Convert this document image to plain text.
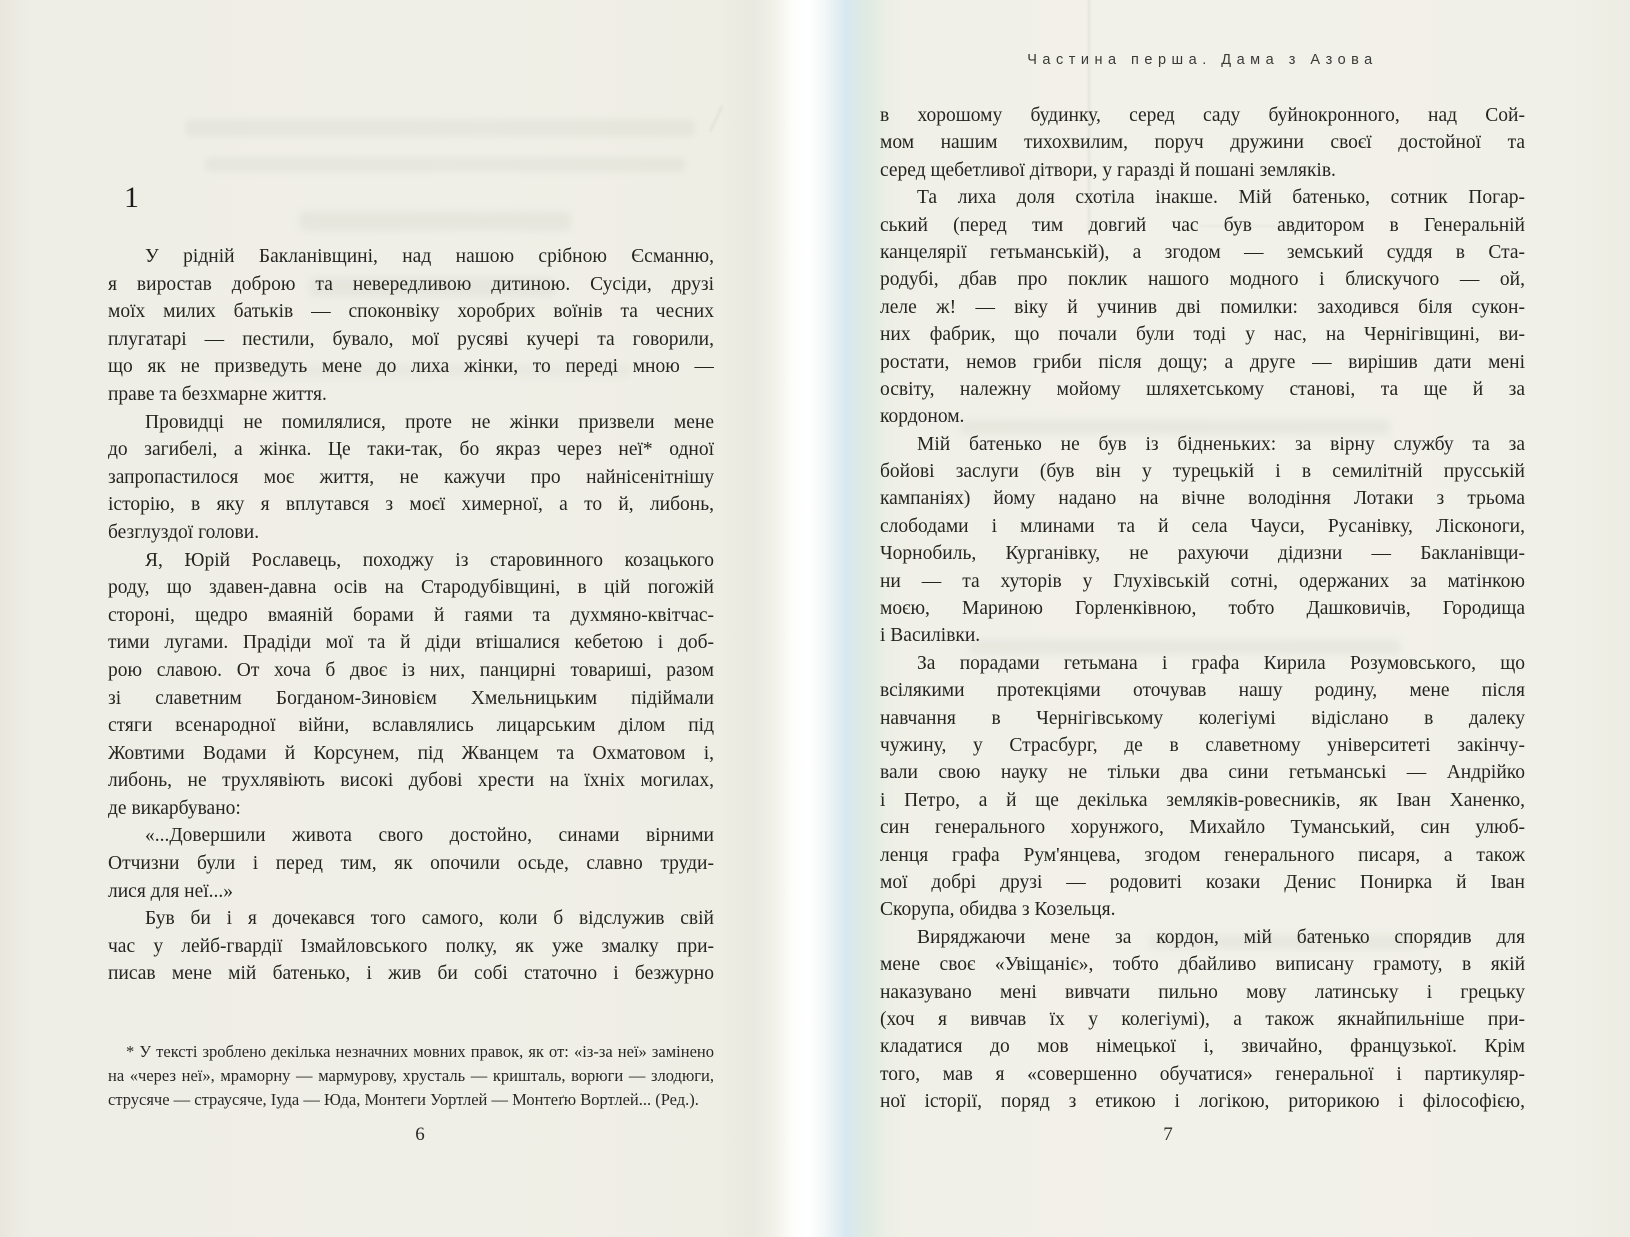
1
У рідній Бакланівщині, над нашою срібною Єсманню,
я виростав доброю та невередливою дитиною. Сусіди, друзі
моїх милих батьків — споконвіку хоробрих воїнів та чесних
плугатарі — пестили, бувало, мої русяві кучері та говорили,
що як не призведуть мене до лиха жінки, то переді мною —
праве та безхмарне життя.
Провидці не помилялися, проте не жінки призвели мене
до загибелі, а жінка. Це таки-так, бо якраз через неї* одної
запропастилося моє життя, не кажучи про найнісенітнішу
історію, в яку я вплутався з моєї химерної, а то й, либонь,
безглуздої голови.
Я, Юрій Рославець, походжу із старовинного козацького
роду, що здавен-давна осів на Стародубівщині, в цій погожій
стороні, щедро вмаяній борами й гаями та духмяно-квітчас-
тими лугами. Прадіди мої та й діди втішалися кебетою і доб-
рою славою. От хоча б двоє із них, панцирні товариші, разом
зі славетним Богданом-Зиновієм Хмельницьким підіймали
стяги всенародної війни, вславлялись лицарським ділом під
Жовтими Водами й Корсунем, під Жванцем та Охматовом і,
либонь, не трухлявіють високі дубові хрести на їхніх могилах,
де викарбувано:
«...Довершили живота свого достойно, синами вірними
Отчизни були і перед тим, як опочили осьде, славно труди-
лися для неї...»
Був би і я дочекався того самого, коли б відслужив свій
час у лейб-гвардії Ізмайловського полку, як уже змалку при-
писав мене мій батенько, і жив би собі статочно і безжурно
* У тексті зроблено декілька незначних мовних правок, як от: «із-за неї» замінено
на «через неї», мраморну — мармурову, хрусталь — кришталь, ворюги — злодюги,
струсяче — страусяче, Іуда — Юда, Монтеги Уортлей — Монтеґю Вортлей... (Ред.).
6
Частина перша. Дама з Азова
в хорошому будинку, серед саду буйнокронного, над Сой-
мом нашим тихохвилим, поруч дружини своєї достойної та
серед щебетливої дітвори, у гаразді й пошані земляків.
Та лиха доля схотіла інакше. Мій батенько, сотник Погар-
ський (перед тим довгий час був авдитором в Генеральній
канцелярії гетьманській), а згодом — земський суддя в Ста-
родубі, дбав про поклик нашого модного і блискучого — ой,
леле ж! — віку й учинив дві помилки: заходився біля сукон-
них фабрик, що почали були тоді у нас, на Чернігівщині, ви-
ростати, немов гриби після дощу; а друге — вирішив дати мені
освіту, належну мойому шляхетському станові, та ще й за
кордоном.
Мій батенько не був із бідненьких: за вірну службу та за
бойові заслуги (був він у турецькій і в семилітній прусській
кампаніях) йому надано на вічне володіння Лотаки з трьома
слободами і млинами та й села Чауси, Русанівку, Лісконоги,
Чорнобиль, Курганівку, не рахуючи дідизни — Бакланівщи-
ни — та хуторів у Глухівській сотні, одержаних за матінкою
моєю, Мариною Горленківною, тобто Дашковичів, Городища
і Василівки.
За порадами гетьмана і графа Кирила Розумовського, що
всілякими протекціями оточував нашу родину, мене після
навчання в Чернігівському колегіумі відіслано в далеку
чужину, у Страсбург, де в славетному університеті закінчу-
вали свою науку не тільки два сини гетьманські — Андрійко
і Петро, а й ще декілька земляків-ровесників, як Іван Ханенко,
син генерального хорунжого, Михайло Туманський, син улюб-
ленця графа Рум'янцева, згодом генерального писаря, а також
мої добрі друзі — родовиті козаки Денис Понирка й Іван
Скорупа, обидва з Козельця.
Виряджаючи мене за кордон, мій батенько спорядив для
мене своє «Увіщаніє», тобто дбайливо виписану грамоту, в якій
наказувано мені вивчати пильно мову латинську і грецьку
(хоч я вивчав їх у колегіумі), а також якнайпильніше при-
кладатися до мов німецької і, звичайно, французької. Крім
того, мав я «совершенно обучатися» генеральної і партикуляр-
ної історії, поряд з етикою і логікою, риторикою і філософією,
7
